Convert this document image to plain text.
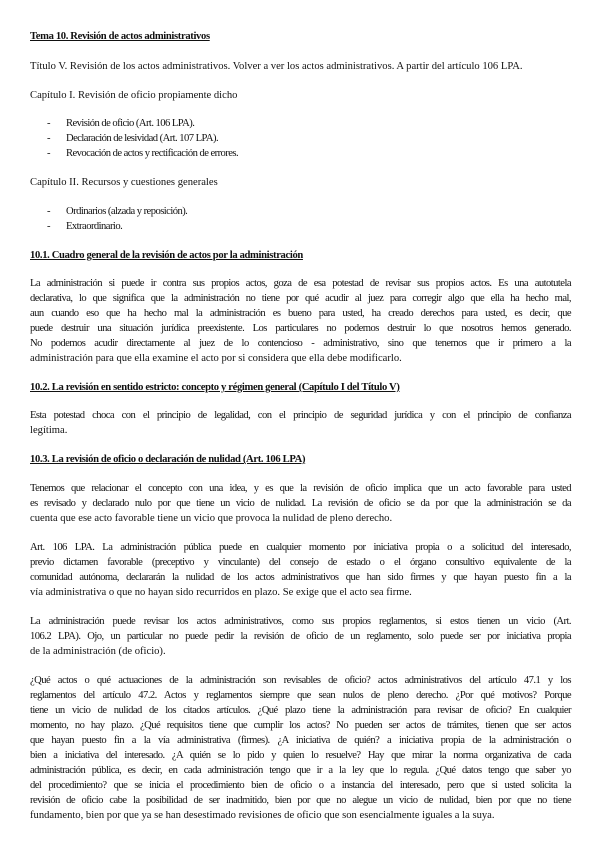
Tema 10. Revisión de actos administrativos
Título V. Revisión de los actos administrativos. Volver a ver los actos administrativos. A partir del artículo 106 LPA.
Capítulo I. Revisión de oficio propiamente dicho
- Revisión de oficio (Art. 106 LPA).
- Declaración de lesividad (Art. 107 LPA).
- Revocación de actos y rectificación de errores.
Capítulo II. Recursos y cuestiones generales
- Ordinarios (alzada y reposición).
- Extraordinario.
10.1. Cuadro general de la revisión de actos por la administración
La administración si puede ir contra sus propios actos, goza de esa potestad de revisar sus propios actos. Es una autotutela
declarativa, lo que significa que la administración no tiene por qué acudir al juez para corregir algo que ella ha hecho mal,
aun cuando eso que ha hecho mal la administración es bueno para usted, ha creado derechos para usted, es decir, que
puede destruir una situación jurídica preexistente. Los particulares no podemos destruir lo que nosotros hemos generado.
No podemos acudir directamente al juez de lo contencioso - administrativo, sino que tenemos que ir primero a la
administración para que ella examine el acto por si considera que ella debe modificarlo.
10.2. La revisión en sentido estricto: concepto y régimen general (Capítulo I del Título V)
Esta potestad choca con el principio de legalidad, con el principio de seguridad jurídica y con el principio de confianza
legítima.
10.3. La revisión de oficio o declaración de nulidad (Art. 106 LPA)
Tenemos que relacionar el concepto con una idea, y es que la revisión de oficio implica que un acto favorable para usted
es revisado y declarado nulo por que tiene un vicio de nulidad. La revisión de oficio se da por que la administración se da
cuenta que ese acto favorable tiene un vicio que provoca la nulidad de pleno derecho.
Art. 106 LPA. La administración pública puede en cualquier momento por iniciativa propia o a solicitud del interesado,
previo dictamen favorable (preceptivo y vinculante) del consejo de estado o el órgano consultivo equivalente de la
comunidad autónoma, declararán la nulidad de los actos administrativos que han sido firmes y que hayan puesto fin a la
vía administrativa o que no hayan sido recurridos en plazo. Se exige que el acto sea firme.
La administración puede revisar los actos administrativos, como sus propios reglamentos, si estos tienen un vicio (Art.
106.2 LPA). Ojo, un particular no puede pedir la revisión de oficio de un reglamento, solo puede ser por iniciativa propia
de la administración (de oficio).
¿Qué actos o qué actuaciones de la administración son revisables de oficio? actos administrativos del artículo 47.1 y los
reglamentos del artículo 47.2. Actos y reglamentos siempre que sean nulos de pleno derecho. ¿Por qué motivos? Porque
tiene un vicio de nulidad de los citados artículos. ¿Qué plazo tiene la administración para revisar de oficio? En cualquier
momento, no hay plazo. ¿Qué requisitos tiene que cumplir los actos? No pueden ser actos de trámites, tienen que ser actos
que hayan puesto fin a la vía administrativa (firmes). ¿A iniciativa de quién? a iniciativa propia de la administración o
bien a iniciativa del interesado. ¿A quién se lo pido y quien lo resuelve? Hay que mirar la norma organizativa de cada
administración pública, es decir, en cada administración tengo que ir a la ley que lo regula. ¿Qué datos tengo que saber yo
del procedimiento? que se inicia el procedimiento bien de oficio o a instancia del interesado, pero que si usted solicita la
revisión de oficio cabe la posibilidad de ser inadmitido, bien por que no alegue un vicio de nulidad, bien por que no tiene
fundamento, bien por que ya se han desestimado revisiones de oficio que son esencialmente iguales a la suya.
